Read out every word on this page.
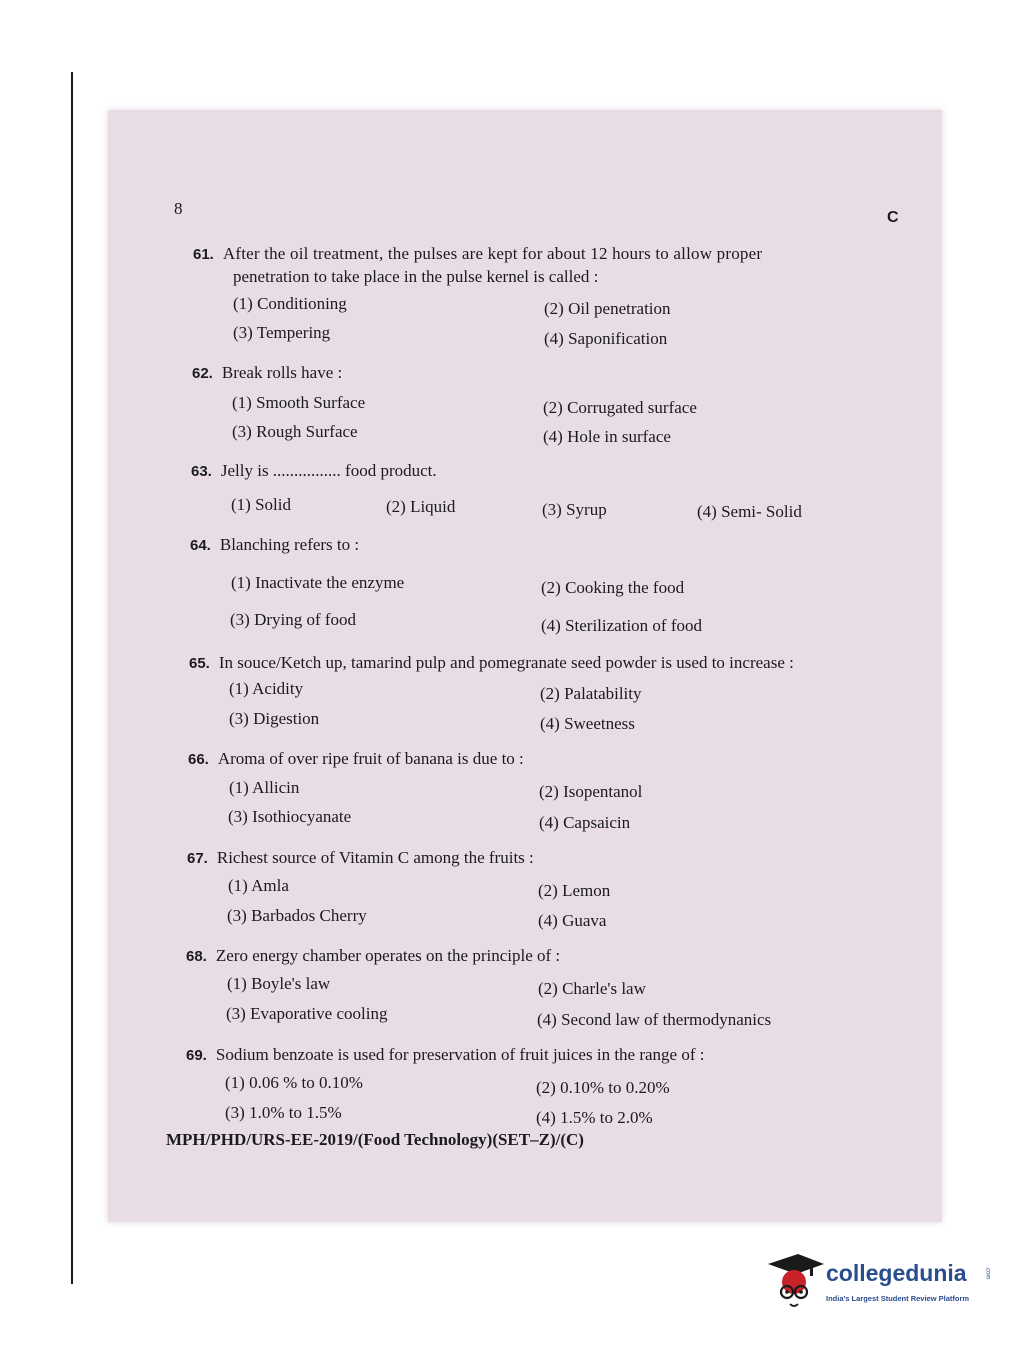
8	C
61. After the oil treatment, the pulses are kept for about 12 hours to allow proper
penetration to take place in the pulse kernel is called :
(1) Conditioning	(2) Oil penetration
(3) Tempering	(4) Saponification
62. Break rolls have :
(1) Smooth Surface	(2) Corrugated surface
(3) Rough Surface	(4) Hole in surface
63. Jelly is ................ food product.
(1) Solid	(2) Liquid	(3) Syrup	(4) Semi- Solid
64. Blanching refers to :
(1) Inactivate the enzyme	(2) Cooking the food
(3) Drying of food	(4) Sterilization of food
65. In souce/Ketch up, tamarind pulp and pomegranate seed powder is used to increase :
(1) Acidity	(2) Palatability
(3) Digestion	(4) Sweetness
66. Aroma of over ripe fruit of banana is due to :
(1) Allicin	(2) Isopentanol
(3) Isothiocyanate	(4) Capsaicin
67. Richest source of Vitamin C among the fruits :
(1) Amla	(2) Lemon
(3) Barbados Cherry	(4) Guava
68. Zero energy chamber operates on the principle of :
(1) Boyle's law	(2) Charle's law
(3) Evaporative cooling	(4) Second law of thermodynanics
69. Sodium benzoate is used for preservation of fruit juices in the range of :
(1) 0.06 % to 0.10%	(2) 0.10% to 0.20%
(3) 1.0% to 1.5%	(4) 1.5% to 2.0%
MPH/PHD/URS-EE-2019/(Food Technology)(SET–Z)/(C)
collegedunia	.com
India's Largest Student Review Platform
